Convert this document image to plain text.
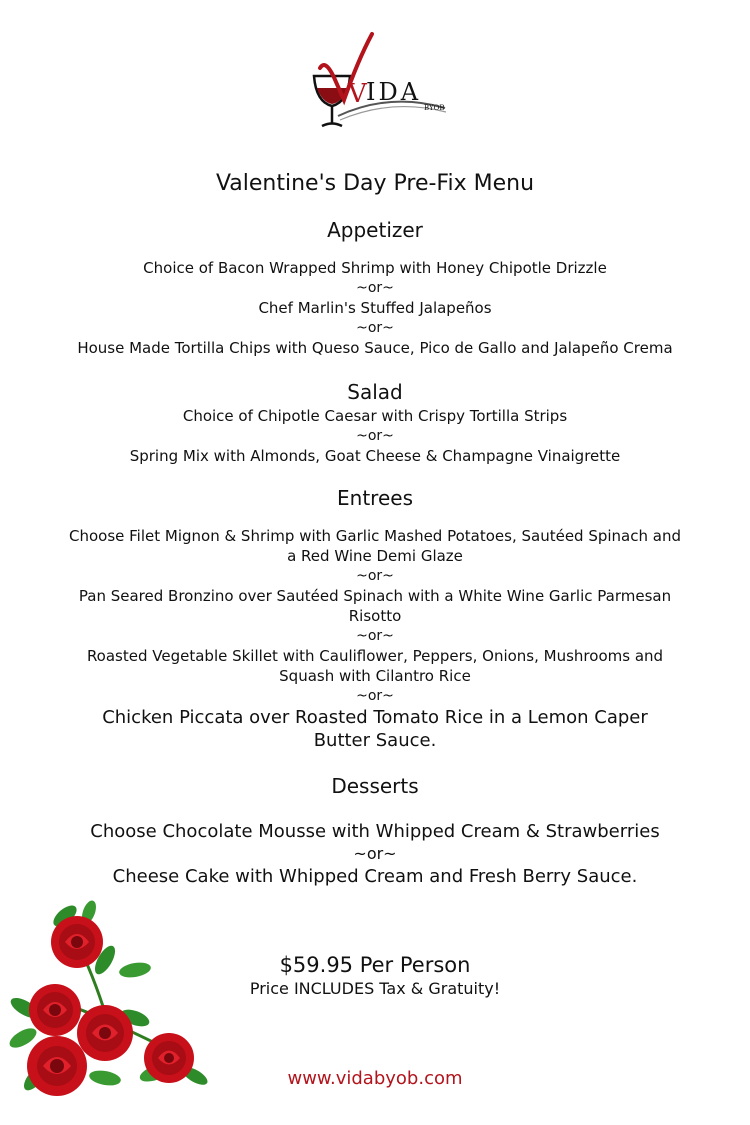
V IDA
BYOB

Valentine's Day Pre-Fix Menu

Appetizer

Choice of Bacon Wrapped Shrimp with Honey Chipotle Drizzle

~or~

Chef Marlin's Stuffed Jalapeños

~or~

House Made Tortilla Chips with Queso Sauce, Pico de Gallo and Jalapeño Crema

Salad

Choice of Chipotle Caesar with Crispy Tortilla Strips

~or~

Spring Mix with Almonds, Goat Cheese & Champagne Vinaigrette

Entrees

Choose Filet Mignon & Shrimp with Garlic Mashed Potatoes, Sautéed Spinach and

a Red Wine Demi Glaze

~or~

Pan Seared Bronzino over Sautéed Spinach with a White Wine Garlic Parmesan

Risotto

~or~

Roasted Vegetable Skillet with Cauliflower, Peppers, Onions, Mushrooms and

Squash with Cilantro Rice

~or~

Chicken Piccata over Roasted Tomato Rice in a Lemon Caper

Butter Sauce.

Desserts

Choose Chocolate Mousse with Whipped Cream & Strawberries

~or~

Cheese Cake with Whipped Cream and Fresh Berry Sauce.

$59.95 Per Person

Price INCLUDES Tax & Gratuity!

www.vidabyob.com
